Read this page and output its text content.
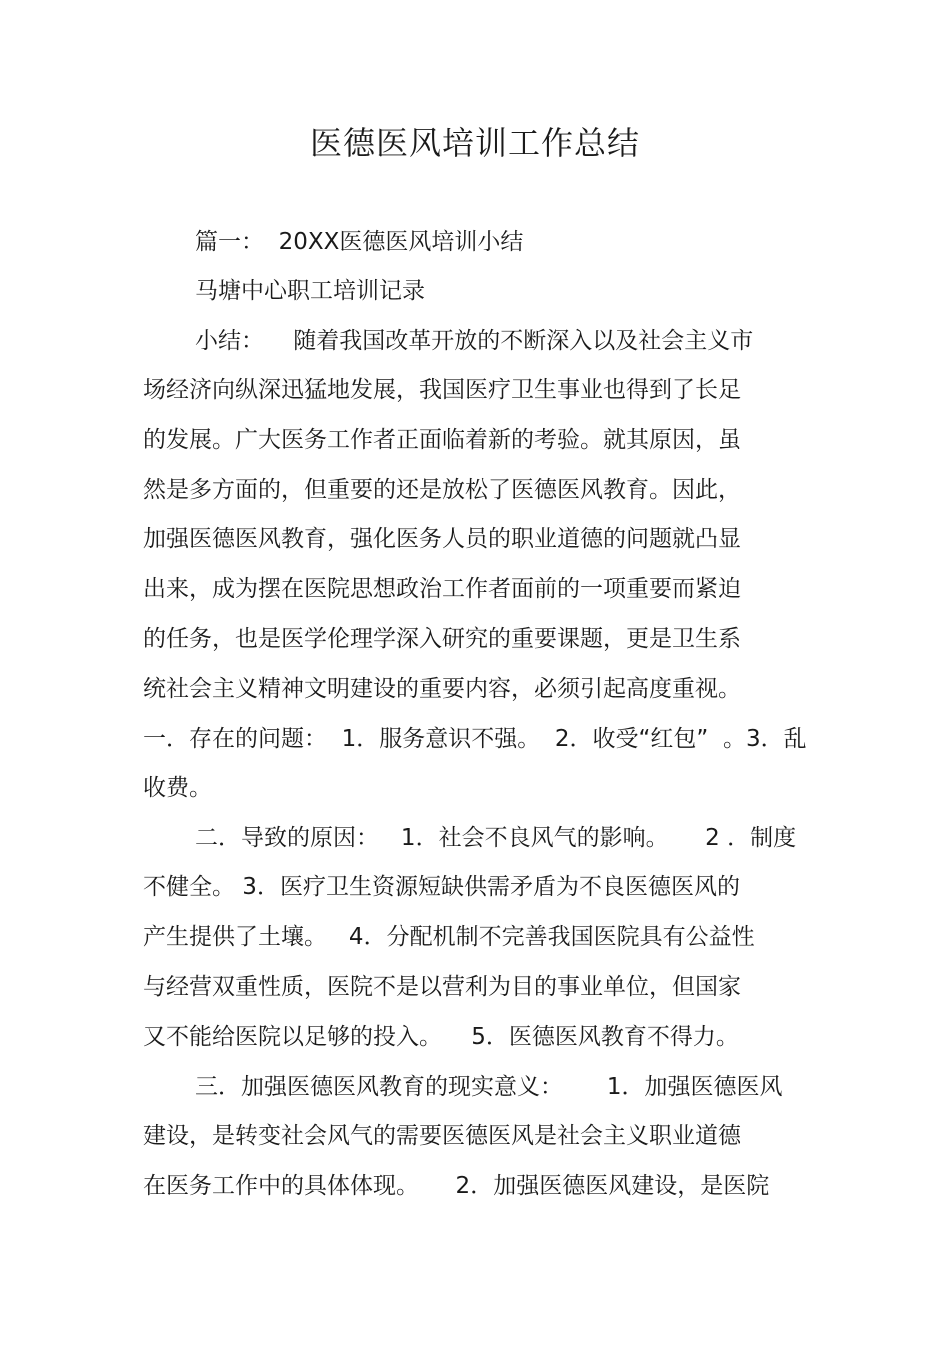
医德医风培训工作总结
篇一：  20XX医德医风培训小结
马塘中心职工培训记录
小结：    随着我国改革开放的不断深入以及社会主义市
场经济向纵深迅猛地发展，我国医疗卫生事业也得到了长足
的发展。广大医务工作者正面临着新的考验。就其原因，虽
然是多方面的，但重要的还是放松了医德医风教育。因此，
加强医德医风教育，强化医务人员的职业道德的问题就凸显
出来，成为摆在医院思想政治工作者面前的一项重要而紧迫
的任务，也是医学伦理学深入研究的重要课题，更是卫生系
统社会主义精神文明建设的重要内容，必须引起高度重视。
一．存在的问题：  1．服务意识不强。  2．收受“红包”  。3．乱
收费。
二．导致的原因：   1．社会不良风气的影响。     2 ．制度
不健全。 3．医疗卫生资源短缺供需矛盾为不良医德医风的
产生提供了土壤。   4．分配机制不完善我国医院具有公益性
与经营双重性质，医院不是以营利为目的事业单位，但国家
又不能给医院以足够的投入。    5．医德医风教育不得力。
三．加强医德医风教育的现实意义：      1．加强医德医风
建设，是转变社会风气的需要医德医风是社会主义职业道德
在医务工作中的具体体现。     2．加强医德医风建设，是医院
